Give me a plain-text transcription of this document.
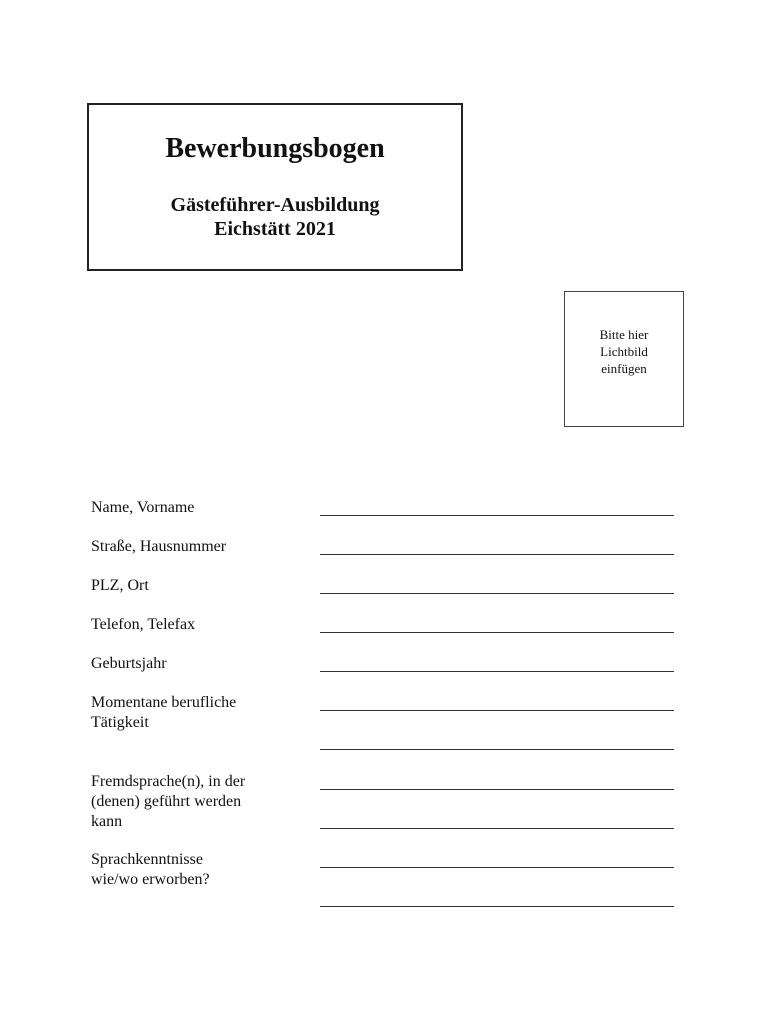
Bewerbungsbogen
Gästeführer-Ausbildung
Eichstätt 2021
Bitte hier
Lichtbild
einfügen
Name, Vorname
Straße, Hausnummer
PLZ, Ort
Telefon, Telefax
Geburtsjahr
Momentane berufliche
Tätigkeit
Fremdsprache(n), in der
(denen) geführt werden
kann
Sprachkenntnisse
wie/wo erworben?
